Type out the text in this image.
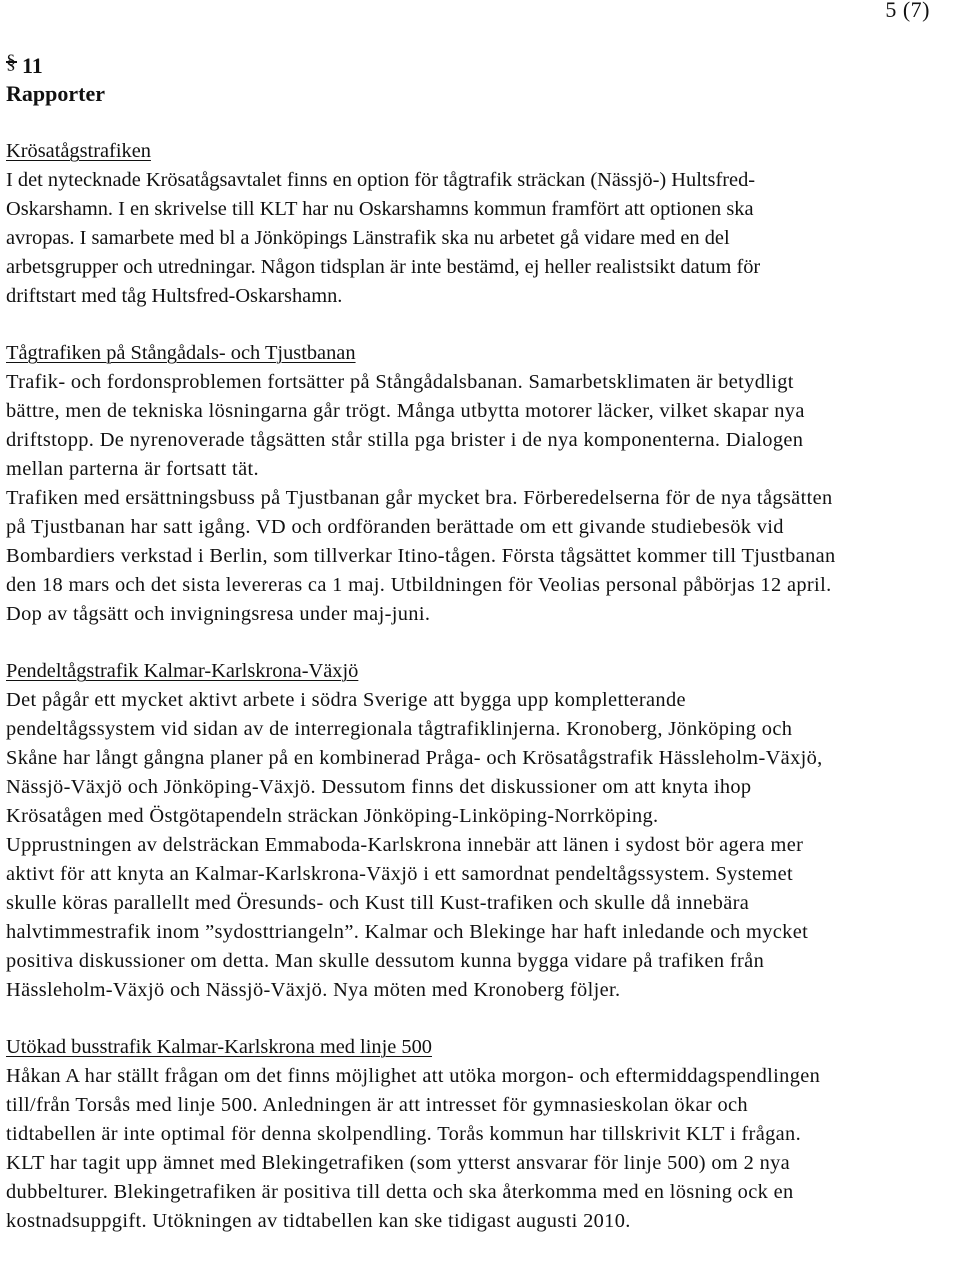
5 (7)
§ 11
Rapporter
Krösatågstrafiken
I det nytecknade Krösatågsavtalet finns en option för tågtrafik sträckan (Nässjö-) Hultsfred-
Oskarshamn. I en skrivelse till KLT har nu Oskarshamns kommun framfört att optionen ska
avropas. I samarbete med bl a Jönköpings Länstrafik ska nu arbetet gå vidare med en del
arbetsgrupper och utredningar. Någon tidsplan är inte bestämd, ej heller realistsikt datum för
driftstart med tåg Hultsfred-Oskarshamn.
Tågtrafiken på Stångådals- och Tjustbanan
Trafik- och fordonsproblemen fortsätter på Stångådalsbanan. Samarbetsklimaten är betydligt
bättre, men de tekniska lösningarna går trögt. Många utbytta motorer läcker, vilket skapar nya
driftstopp. De nyrenoverade tågsätten står stilla pga brister i de nya komponenterna. Dialogen
mellan parterna är fortsatt tät.
Trafiken med ersättningsbuss på Tjustbanan går mycket bra. Förberedelserna för de nya tågsätten
på Tjustbanan har satt igång. VD och ordföranden berättade om ett givande studiebesök vid
Bombardiers verkstad i Berlin, som tillverkar Itino-tågen. Första tågsättet kommer till Tjustbanan
den 18 mars och det sista levereras ca 1 maj. Utbildningen för Veolias personal påbörjas 12 april.
Dop av tågsätt och invigningsresa under maj-juni.
Pendeltågstrafik Kalmar-Karlskrona-Växjö
Det pågår ett mycket aktivt arbete i södra Sverige att bygga upp kompletterande
pendeltågssystem vid sidan av de interregionala tågtrafiklinjerna. Kronoberg, Jönköping och
Skåne har långt gångna planer på en kombinerad Pråga- och Krösatågstrafik Hässleholm-Växjö,
Nässjö-Växjö och Jönköping-Växjö. Dessutom finns det diskussioner om att knyta ihop
Krösatågen med Östgötapendeln sträckan Jönköping-Linköping-Norrköping.
Upprustningen av delsträckan Emmaboda-Karlskrona innebär att länen i sydost bör agera mer
aktivt för att knyta an Kalmar-Karlskrona-Växjö i ett samordnat pendeltågssystem. Systemet
skulle köras parallellt med Öresunds- och Kust till Kust-trafiken och skulle då innebära
halvtimmestrafik inom ”sydosttriangeln”. Kalmar och Blekinge har haft inledande och mycket
positiva diskussioner om detta. Man skulle dessutom kunna bygga vidare på trafiken från
Hässleholm-Växjö och Nässjö-Växjö. Nya möten med Kronoberg följer.
Utökad busstrafik Kalmar-Karlskrona med linje 500
Håkan A har ställt frågan om det finns möjlighet att utöka morgon- och eftermiddagspendlingen
till/från Torsås med linje 500. Anledningen är att intresset för gymnasieskolan ökar och
tidtabellen är inte optimal för denna skolpendling. Torås kommun har tillskrivit KLT i frågan.
KLT har tagit upp ämnet med Blekingetrafiken (som ytterst ansvarar för linje 500) om 2 nya
dubbelturer. Blekingetrafiken är positiva till detta och ska återkomma med en lösning ock en
kostnadsuppgift. Utökningen av tidtabellen kan ske tidigast augusti 2010.
